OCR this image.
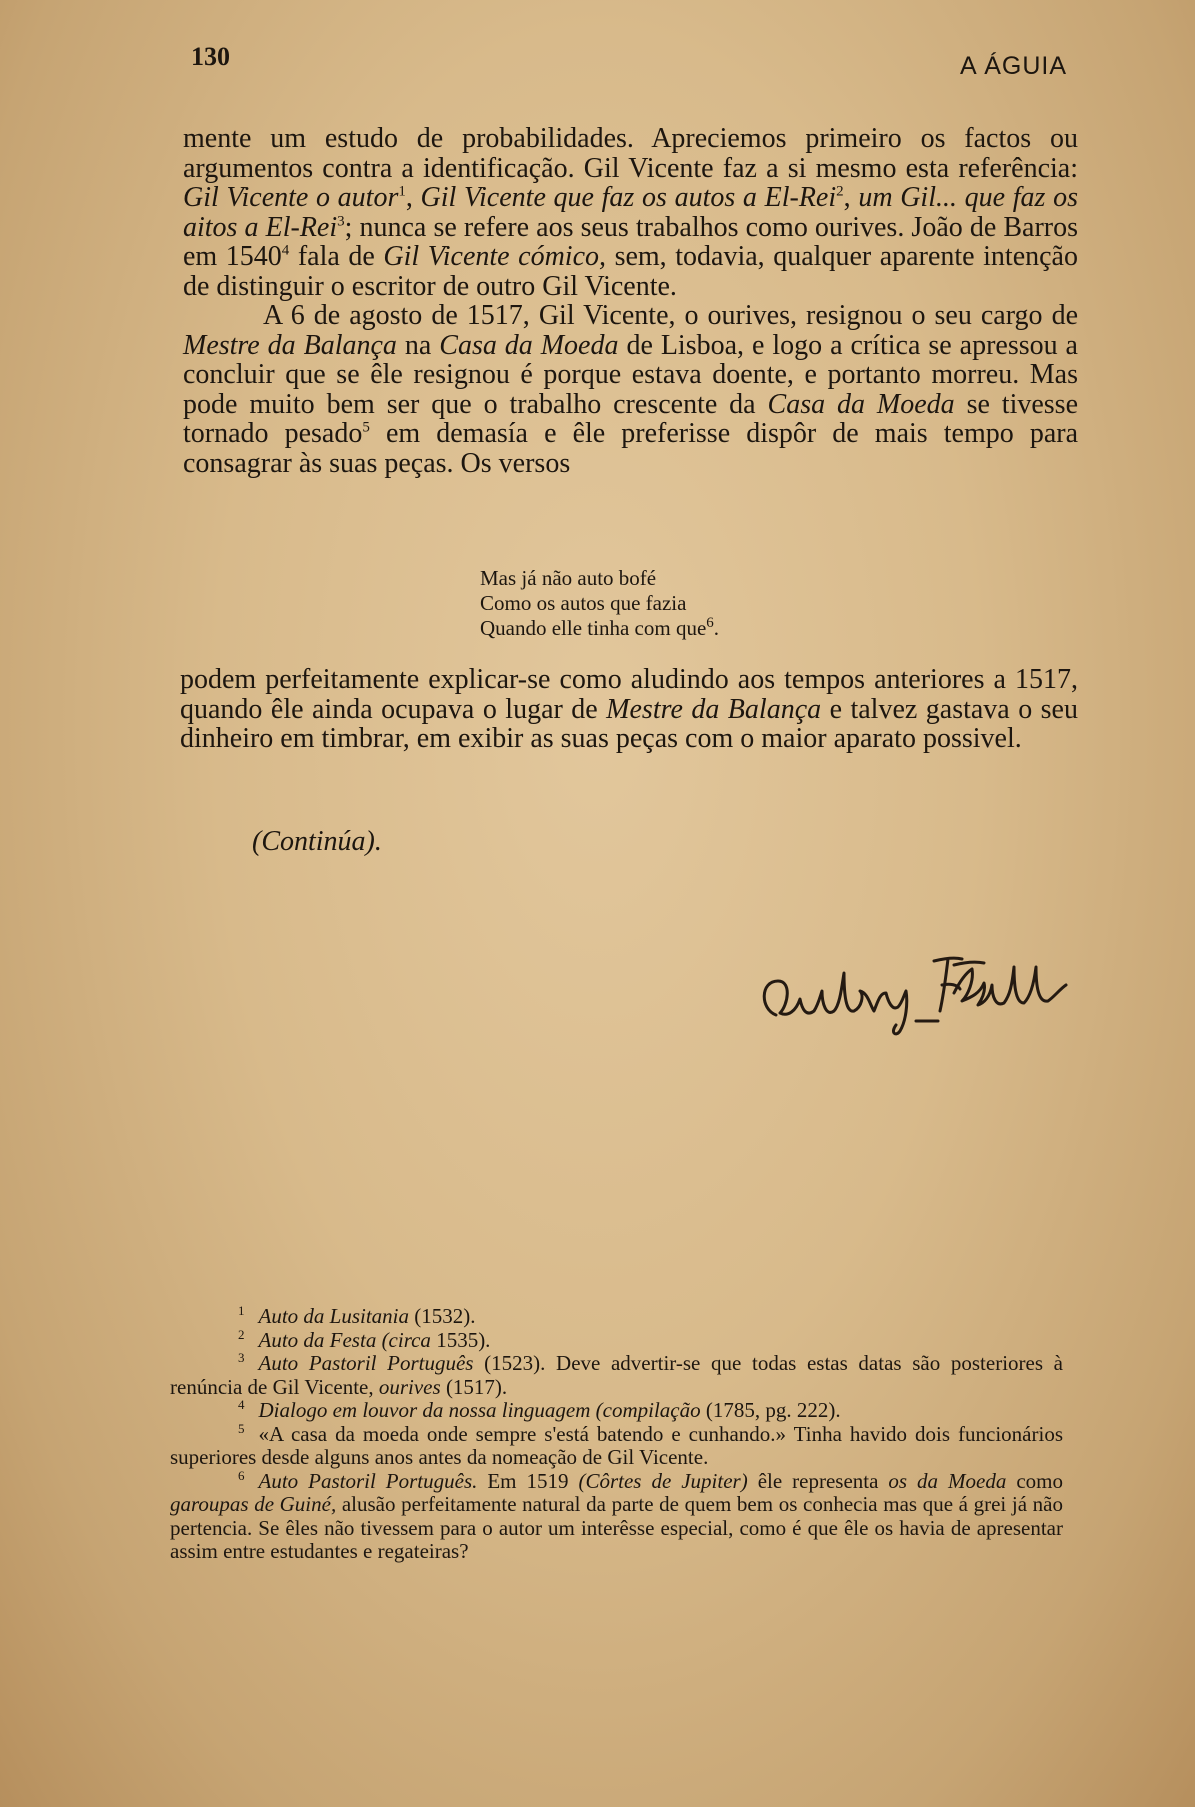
130	A ÁGUIA

mente um estudo de probabilidades. Apreciemos primeiro os factos ou argumentos contra a identificação. Gil Vicente faz a si mesmo esta referência: Gil Vicente o autor$^1$, Gil Vicente que faz os autos a El-Rei$^2$, um Gil... que faz os aitos a El-Rei$^3$; nunca se refere aos seus trabalhos como ourives. João de Barros em 1540$^4$ fala de Gil Vicente cómico, sem, todavia, qualquer aparente intenção de distinguir o escritor de outro Gil Vicente.

A 6 de agosto de 1517, Gil Vicente, o ourives, resignou o seu cargo de Mestre da Balança na Casa da Moeda de Lisboa, e logo a crítica se apressou a concluir que se êle resignou é porque estava doente, e portanto morreu. Mas pode muito bem ser que o trabalho crescente da Casa da Moeda se tivesse tornado pesado$^5$ em demasía e êle preferisse dispôr de mais tempo para consagrar às suas peças. Os versos

Mas já não auto bofé
Como os autos que fazia
Quando elle tinha com que$^6$.

podem perfeitamente explicar-se como aludindo aos tempos anteriores a 1517, quando êle ainda ocupava o lugar de Mestre da Balança e talvez gastava o seu dinheiro em timbrar, em exibir as suas peças com o maior aparato possivel.

(Continúa).

$^1$ Auto da Lusitania (1532).

$^2$ Auto da Festa (circa 1535).

$^3$ Auto Pastoril Português (1523). Deve advertir-se que todas estas datas são posteriores à renúncia de Gil Vicente, ourives (1517).

$^4$ Dialogo em louvor da nossa linguagem (compilação (1785, pg. 222).

$^5$ «A casa da moeda onde sempre s'está batendo e cunhando.» Tinha havido dois funcionários superiores desde alguns anos antes da nomeação de Gil Vicente.

$^6$ Auto Pastoril Português. Em 1519 (Côrtes de Jupiter) êle representa os da Moeda como garoupas de Guiné, alusão perfeitamente natural da parte de quem bem os conhecia mas que á grei já não pertencia. Se êles não tivessem para o autor um interêsse especial, como é que êle os havia de apresentar assim entre estudantes e regateiras?
